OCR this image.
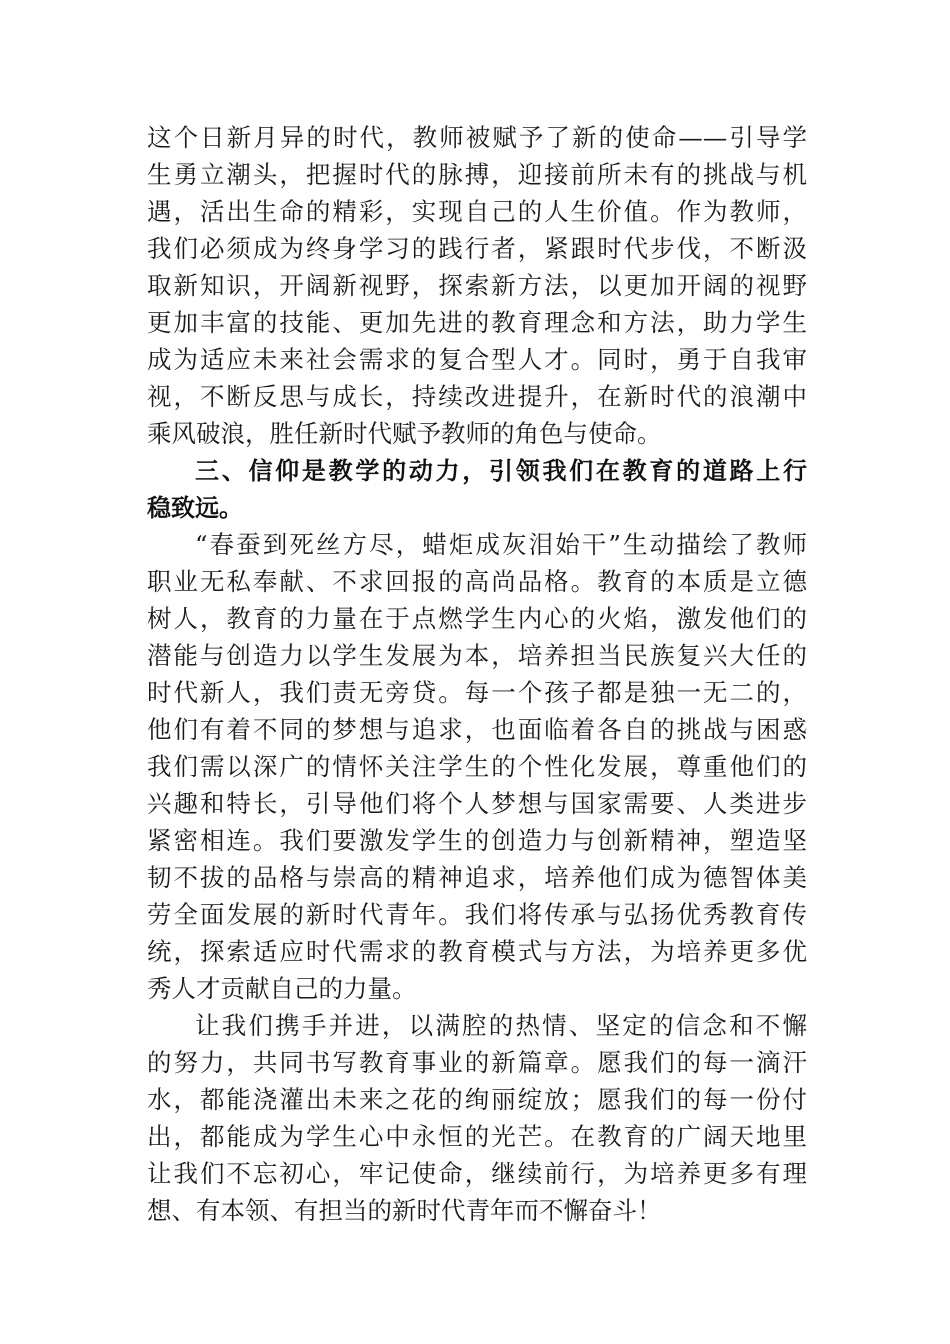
这个日新月异的时代，教师被赋予了新的使命——引导学
生勇立潮头，把握时代的脉搏，迎接前所未有的挑战与机
遇，活出生命的精彩，实现自己的人生价值。作为教师，
我们必须成为终身学习的践行者，紧跟时代步伐，不断汲
取新知识，开阔新视野，探索新方法，以更加开阔的视野
更加丰富的技能、更加先进的教育理念和方法，助力学生
成为适应未来社会需求的复合型人才。同时，勇于自我审
视，不断反思与成长，持续改进提升，在新时代的浪潮中
乘风破浪，胜任新时代赋予教师的角色与使命。
三、信仰是教学的动力，引领我们在教育的道路上行
稳致远。
“春蚕到死丝方尽，蜡炬成灰泪始干”生动描绘了教师
职业无私奉献、不求回报的高尚品格。教育的本质是立德
树人，教育的力量在于点燃学生内心的火焰，激发他们的
潜能与创造力以学生发展为本，培养担当民族复兴大任的
时代新人，我们责无旁贷。每一个孩子都是独一无二的，
他们有着不同的梦想与追求，也面临着各自的挑战与困惑
我们需以深广的情怀关注学生的个性化发展，尊重他们的
兴趣和特长，引导他们将个人梦想与国家需要、人类进步
紧密相连。我们要激发学生的创造力与创新精神，塑造坚
韧不拔的品格与崇高的精神追求，培养他们成为德智体美
劳全面发展的新时代青年。我们将传承与弘扬优秀教育传
统，探索适应时代需求的教育模式与方法，为培养更多优
秀人才贡献自己的力量。
让我们携手并进，以满腔的热情、坚定的信念和不懈
的努力，共同书写教育事业的新篇章。愿我们的每一滴汗
水，都能浇灌出未来之花的绚丽绽放；愿我们的每一份付
出，都能成为学生心中永恒的光芒。在教育的广阔天地里
让我们不忘初心，牢记使命，继续前行，为培养更多有理
想、有本领、有担当的新时代青年而不懈奋斗！
